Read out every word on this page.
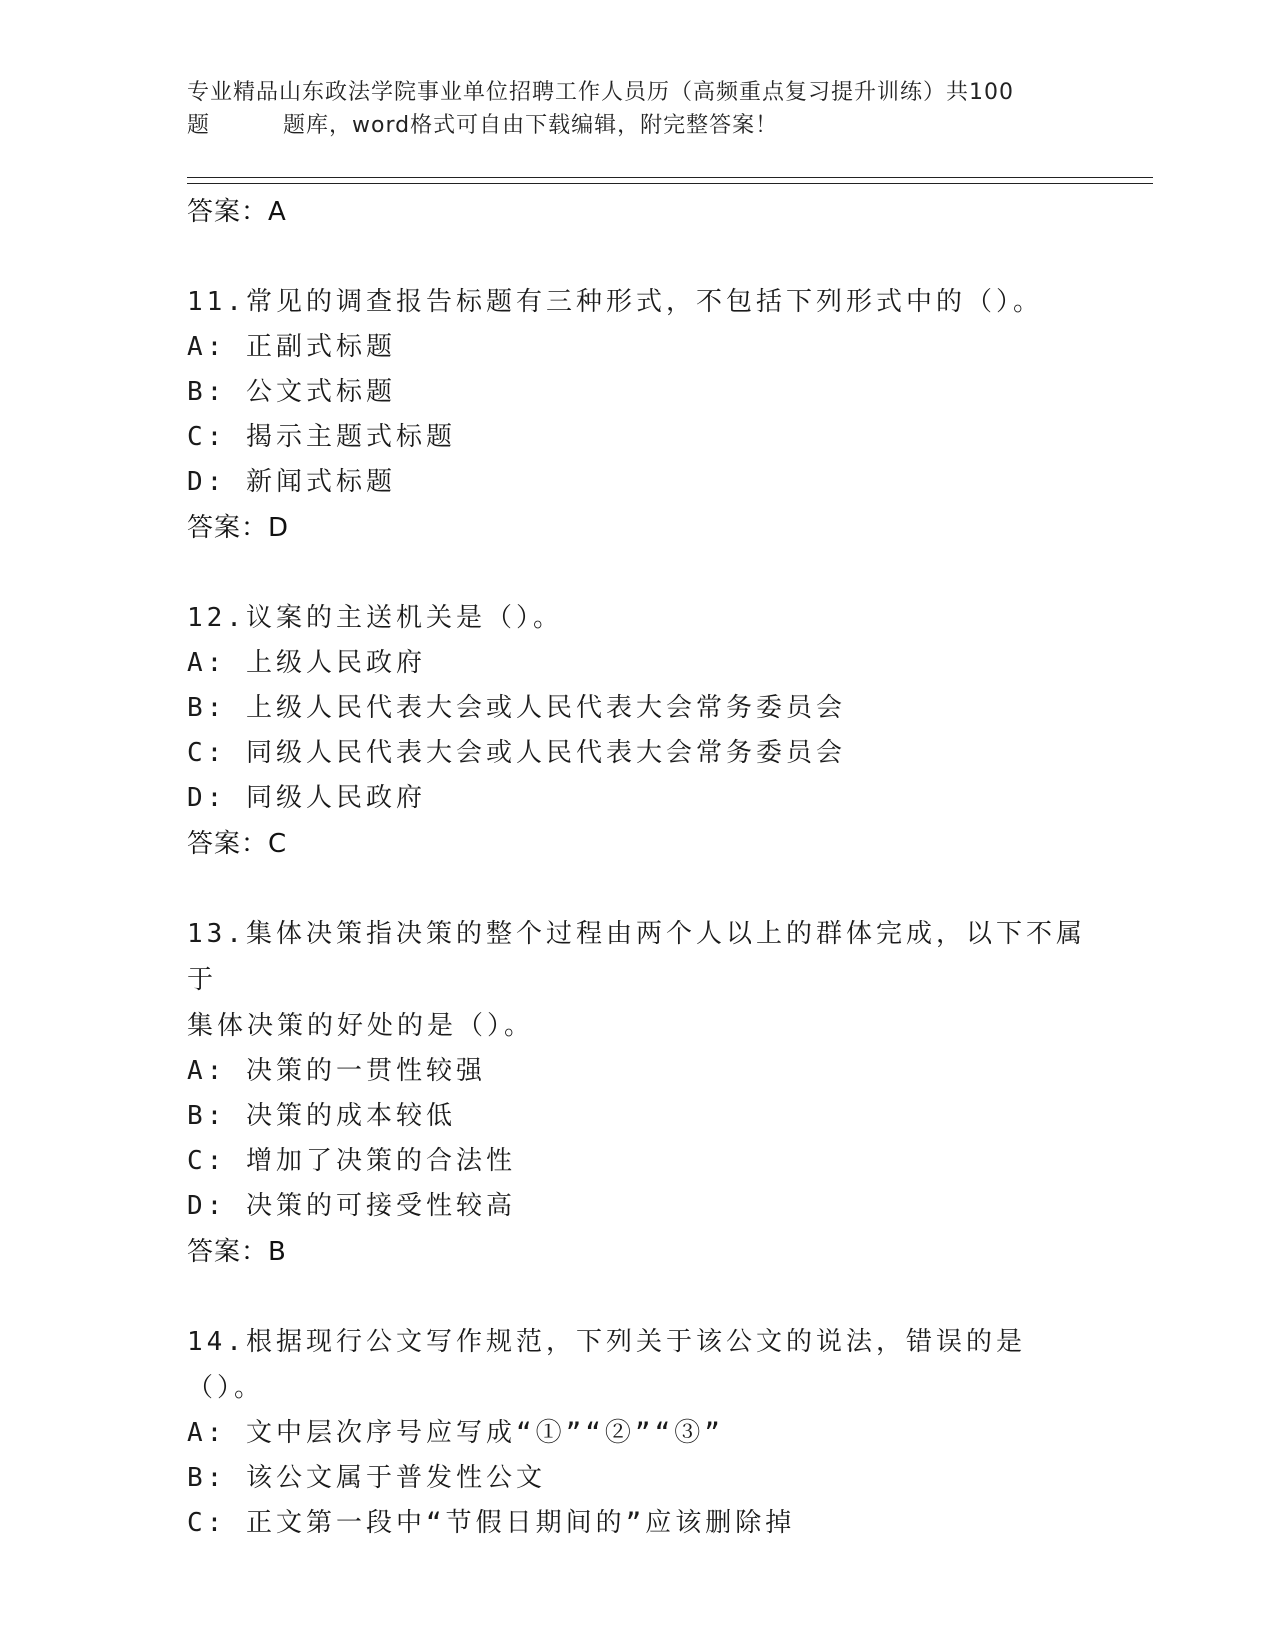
专业精品山东政法学院事业单位招聘工作人员历（高频重点复习提升训练）共100
题	题库，word格式可自由下载编辑，附完整答案！
答案：A
11.常见的调查报告标题有三种形式，不包括下列形式中的（）。
A: 正副式标题
B: 公文式标题
C: 揭示主题式标题
D: 新闻式标题
答案：D
12.议案的主送机关是（）。
A: 上级人民政府
B: 上级人民代表大会或人民代表大会常务委员会
C: 同级人民代表大会或人民代表大会常务委员会
D: 同级人民政府
答案：C
13.集体决策指决策的整个过程由两个人以上的群体完成，以下不属于
集体决策的好处的是（）。
A: 决策的一贯性较强
B: 决策的成本较低
C: 增加了决策的合法性
D: 决策的可接受性较高
答案：B
14.根据现行公文写作规范，下列关于该公文的说法，错误的是（）。
A: 文中层次序号应写成“①”“②”“③”
B: 该公文属于普发性公文
C: 正文第一段中“节假日期间的”应该删除掉
